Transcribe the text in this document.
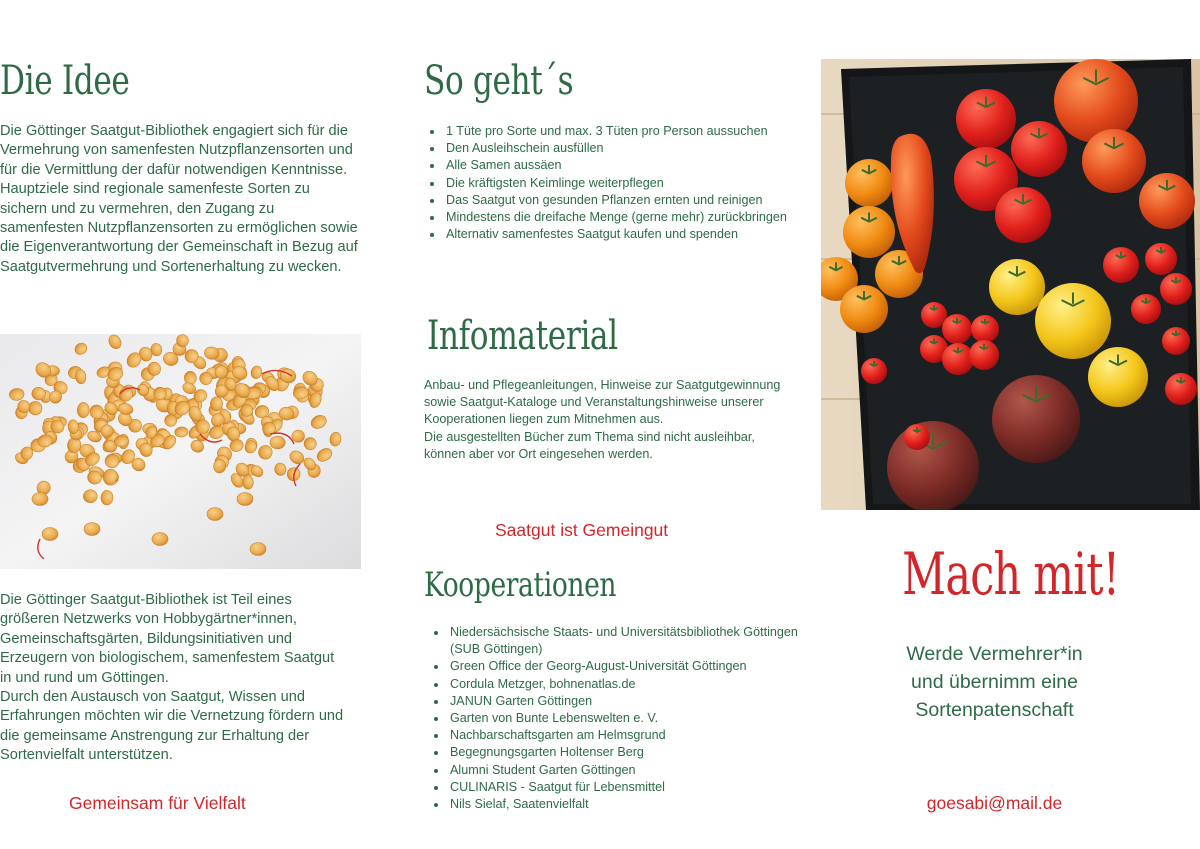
Die Idee
Die Göttinger Saatgut-Bibliothek engagiert sich für die Vermehrung von samenfesten Nutzpflanzensorten und für die Vermittlung der dafür notwendigen Kenntnisse. Hauptziele sind regionale samenfeste Sorten zu sichern und zu vermehren, den Zugang zu samenfesten Nutzpflanzensorten zu ermöglichen sowie die Eigenverantwortung der Gemeinschaft in Bezug auf Saatgutvermehrung und Sortenerhaltung zu wecken.
Die Göttinger Saatgut-Bibliothek ist Teil eines größeren Netzwerks von Hobbygärtner*innen, Gemeinschaftsgärten, Bildungsinitiativen und Erzeugern von biologischem, samenfestem Saatgut in und rund um Göttingen.
Durch den Austausch von Saatgut, Wissen und Erfahrungen möchten wir die Vernetzung fördern und die gemeinsame Anstrengung zur Erhaltung der Sortenvielfalt unterstützen.
Gemeinsam für Vielfalt
So geht´s
1 Tüte pro Sorte und max. 3 Tüten pro Person aussuchen
Den Ausleihschein ausfüllen
Alle Samen aussäen
Die kräftigsten Keimlinge weiterpflegen
Das Saatgut von gesunden Pflanzen ernten und reinigen
Mindestens die dreifache Menge (gerne mehr) zurückbringen
Alternativ samenfestes Saatgut kaufen und spenden
Infomaterial
Anbau- und Pflegeanleitungen, Hinweise zur Saatgutgewinnung sowie Saatgut-Kataloge und Veranstaltungshinweise unserer Kooperationen liegen zum Mitnehmen aus.
Die ausgestellten Bücher zum Thema sind nicht ausleihbar, können aber vor Ort eingesehen werden.
Saatgut ist Gemeingut
Kooperationen
Niedersächsische Staats- und Universitätsbibliothek Göttingen (SUB Göttingen)
Green Office der Georg-August-Universität Göttingen
Cordula Metzger, bohnenatlas.de
JANUN Garten Göttingen
Garten von Bunte Lebenswelten e. V.
Nachbarschaftsgarten am Helmsgrund
Begegnungsgarten Holtenser Berg
Alumni Student Garten Göttingen
CULINARIS - Saatgut für Lebensmittel
Nils Sielaf, Saatenvielfalt
Mach mit!
Werde Vermehrer*in
und übernimm eine
Sortenpatenschaft
goesabi@mail.de
